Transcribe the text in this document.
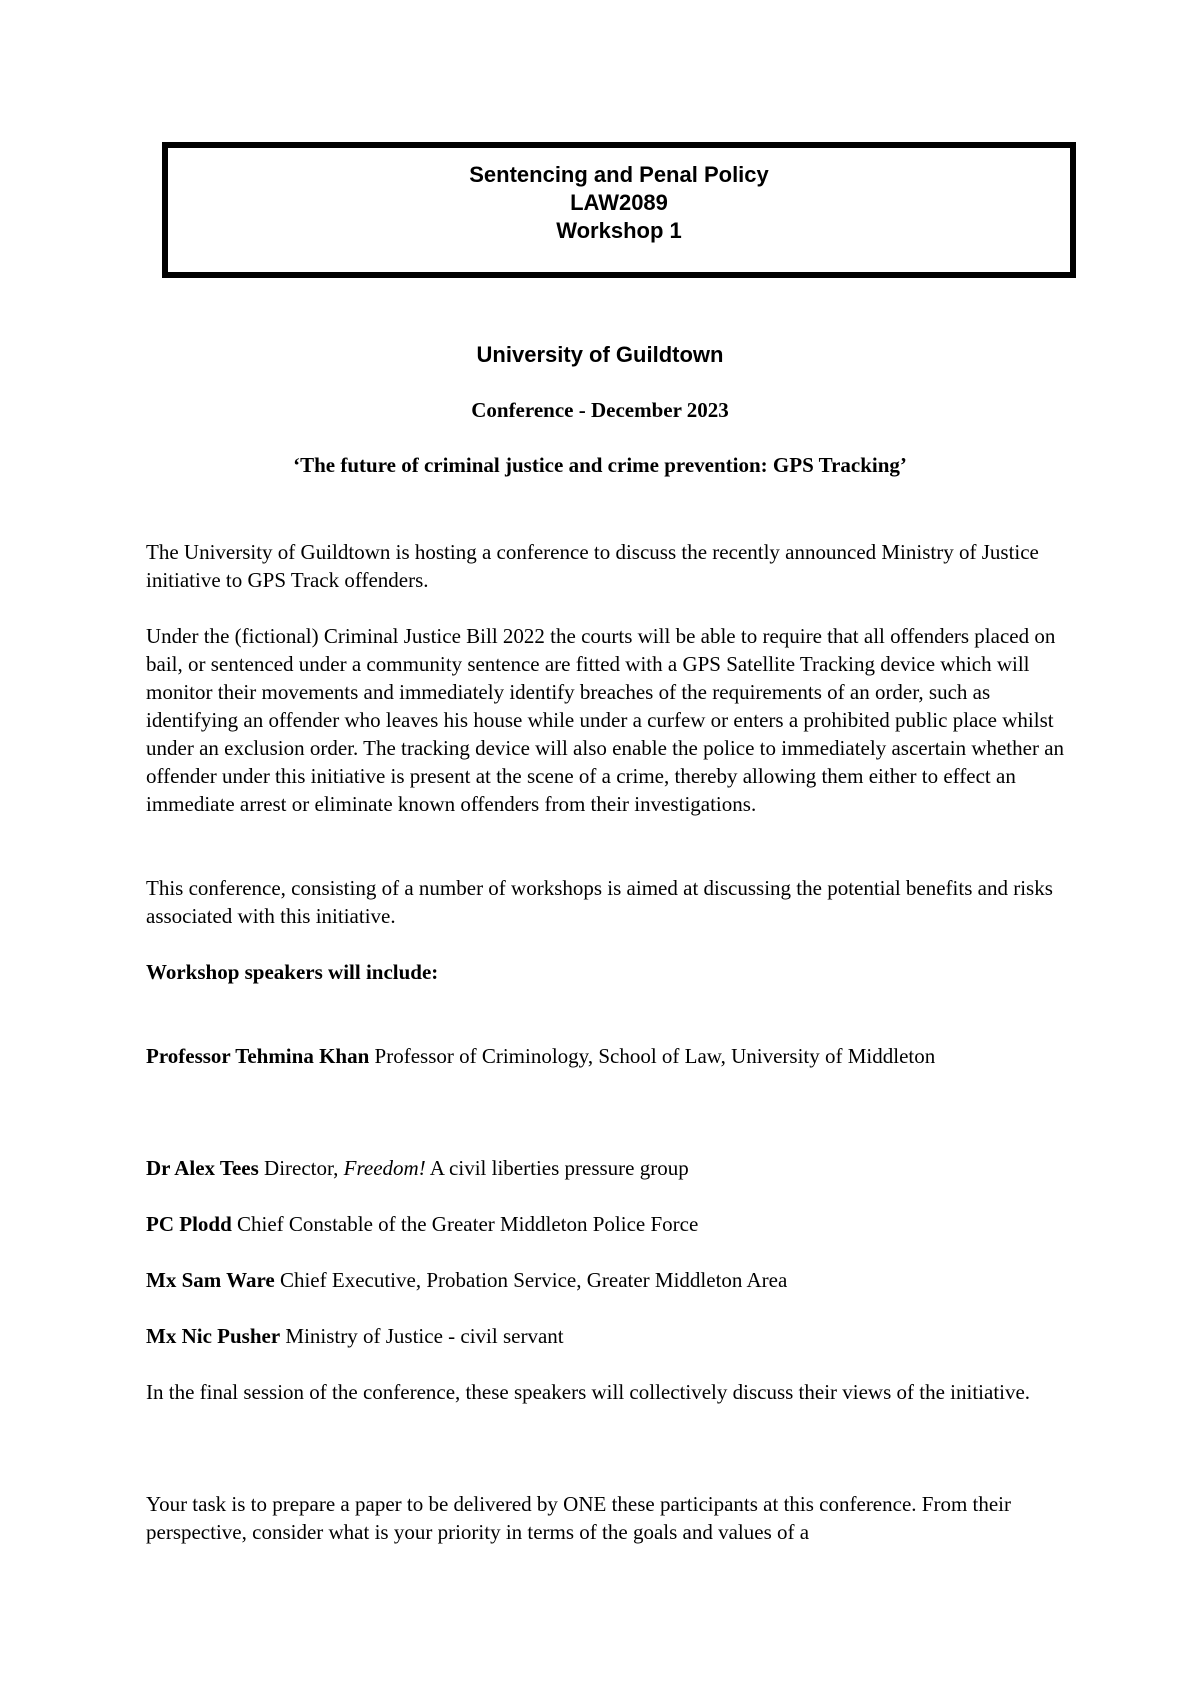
Sentencing and Penal Policy
LAW2089
Workshop 1
University of Guildtown
Conference - December 2023
‘The future of criminal justice and crime prevention: GPS Tracking’

The University of Guildtown is hosting a conference to discuss the recently announced Ministry of Justice initiative to GPS Track offenders.

Under the (fictional) Criminal Justice Bill 2022 the courts will be able to require that all offenders placed on bail, or sentenced under a community sentence are fitted with a GPS Satellite Tracking device which will monitor their movements and immediately identify breaches of the requirements of an order, such as identifying an offender who leaves his house while under a curfew or enters a prohibited public place whilst under an exclusion order. The tracking device will also enable the police to immediately ascertain whether an offender under this initiative is present at the scene of a crime, thereby allowing them either to effect an immediate arrest or eliminate known offenders from their investigations.

This conference, consisting of a number of workshops is aimed at discussing the potential benefits and risks associated with this initiative.

Workshop speakers will include:

Professor Tehmina Khan Professor of Criminology, School of Law, University of Middleton

Dr Alex Tees Director, Freedom! A civil liberties pressure group

PC Plodd Chief Constable of the Greater Middleton Police Force

Mx Sam Ware Chief Executive, Probation Service, Greater Middleton Area

Mx Nic Pusher Ministry of Justice - civil servant

In the final session of the conference, these speakers will collectively discuss their views of the initiative.

Your task is to prepare a paper to be delivered by ONE these participants at this conference. From their perspective, consider what is your priority in terms of the goals and values of a
